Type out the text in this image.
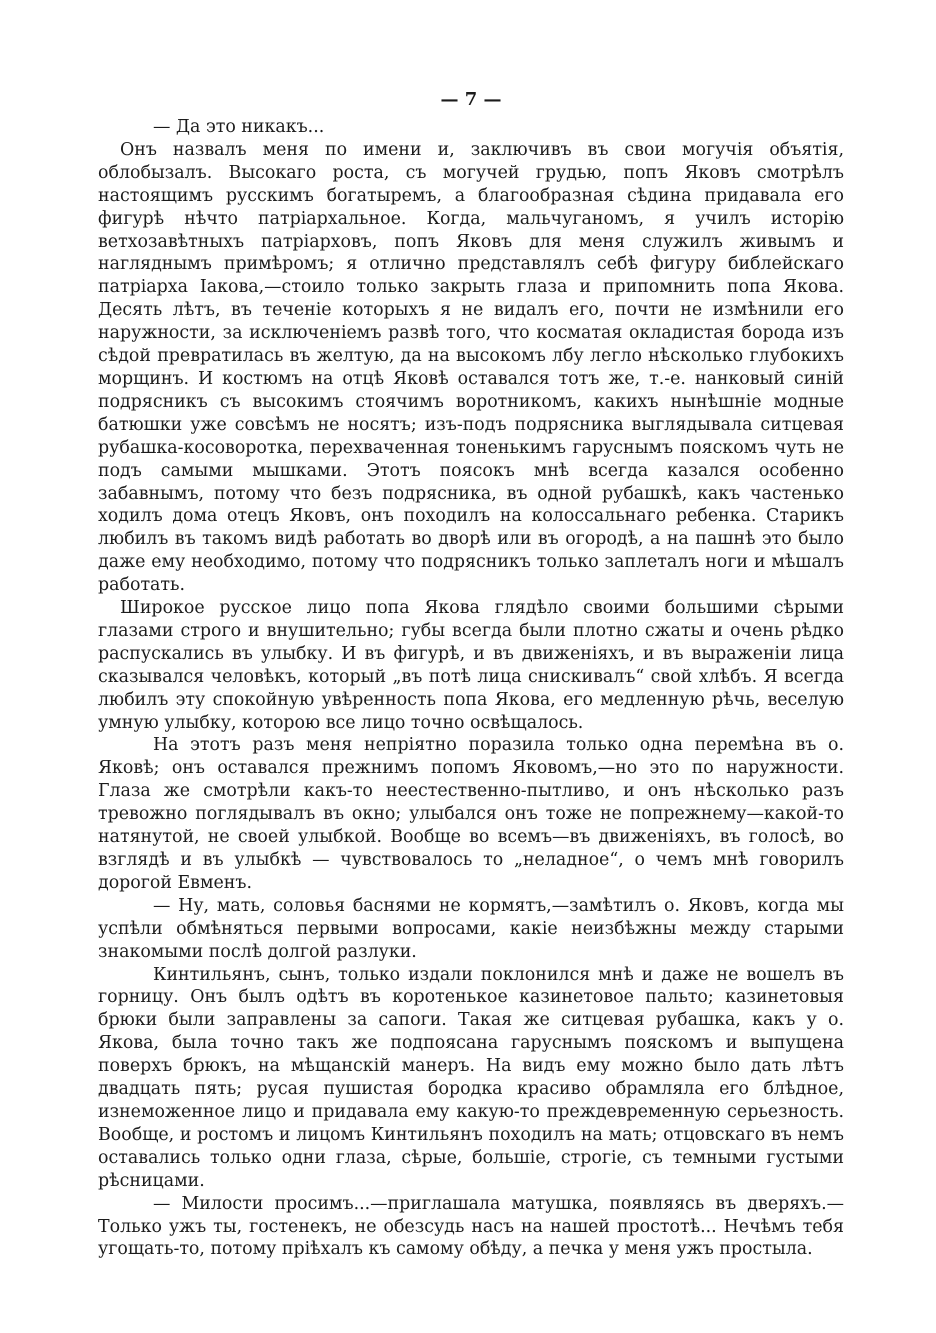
— 7 —

— Да это никакъ...

Онъ назвалъ меня по имени и, заключивъ въ свои могучія объятія, облобызалъ. Высокаго роста, съ могучей грудью, попъ Яковъ смотрѣлъ настоящимъ русскимъ богатыремъ, а благообразная сѣдина придавала его фигурѣ нѣчто патріархальное. Когда, мальчуганомъ, я училъ исторію ветхозавѣтныхъ патріарховъ, попъ Яковъ для меня служилъ живымъ и нагляднымъ примѣромъ; я отлично представлялъ себѣ фигуру библейскаго патріарха Іакова,—стоило только закрыть глаза и припомнить попа Якова. Десять лѣтъ, въ теченіе которыхъ я не видалъ его, почти не измѣнили его наружности, за исключеніемъ развѣ того, что косматая окладистая борода изъ сѣдой превратилась въ желтую, да на высокомъ лбу легло нѣсколько глубокихъ морщинъ. И костюмъ на отцѣ Яковѣ оставался тотъ же, т.-е. нанковый синій подрясникъ съ высокимъ стоячимъ воротникомъ, какихъ нынѣшніе модные батюшки уже совсѣмъ не носятъ; изъ-подъ подрясника выглядывала ситцевая рубашка-косоворотка, перехваченная тоненькимъ гаруснымъ пояскомъ чуть не подъ самыми мышками. Этотъ поясокъ мнѣ всегда казался особенно забавнымъ, потому что безъ подрясника, въ одной рубашкѣ, какъ частенько ходилъ дома отецъ Яковъ, онъ походилъ на колоссальнаго ребенка. Старикъ любилъ въ такомъ видѣ работать во дворѣ или въ огородѣ, а на пашнѣ это было даже ему необходимо, потому что подрясникъ только заплеталъ ноги и мѣшалъ работать.

Широкое русское лицо попа Якова глядѣло своими большими сѣрыми глазами строго и внушительно; губы всегда были плотно сжаты и очень рѣдко распускались въ улыбку. И въ фигурѣ, и въ движеніяхъ, и въ выраженіи лица сказывался человѣкъ, который „въ потѣ лица снискивалъ“ свой хлѣбъ. Я всегда любилъ эту спокойную увѣренность попа Якова, его медленную рѣчь, веселую умную улыбку, которою все лицо точно освѣщалось.

На этотъ разъ меня непріятно поразила только одна перемѣна въ о. Яковѣ; онъ оставался прежнимъ попомъ Яковомъ,—но это по наружности. Глаза же смотрѣли какъ-то неестественно-пытливо, и онъ нѣсколько разъ тревожно поглядывалъ въ окно; улыбался онъ тоже не попрежнему—какой-то натянутой, не своей улыбкой. Вообще во всемъ—въ движеніяхъ, въ голосѣ, во взглядѣ и въ улыбкѣ — чувствовалось то „неладное“, о чемъ мнѣ говорилъ дорогой Евменъ.

— Ну, мать, соловья баснями не кормятъ,—замѣтилъ о. Яковъ, когда мы успѣли обмѣняться первыми вопросами, какіе неизбѣжны между старыми знакомыми послѣ долгой разлуки.

Кинтильянъ, сынъ, только издали поклонился мнѣ и даже не вошелъ въ горницу. Онъ былъ одѣтъ въ коротенькое казинетовое пальто; казинетовыя брюки были заправлены за сапоги. Такая же ситцевая рубашка, какъ у о. Якова, была точно такъ же подпоясана гаруснымъ пояскомъ и выпущена поверхъ брюкъ, на мѣщанскій манеръ. На видъ ему можно было дать лѣтъ двадцать пять; русая пушистая бородка красиво обрамляла его блѣдное, изнеможенное лицо и придавала ему какую-то преждевременную серьезность. Вообще, и ростомъ и лицомъ Кинтильянъ походилъ на мать; отцовскаго въ немъ оставались только одни глаза, сѣрые, большіе, строгіе, съ темными густыми рѣсницами.

— Милости просимъ...—приглашала матушка, появляясь въ дверяхъ.— Только ужъ ты, гостенекъ, не обезсудь насъ на нашей простотѣ... Нечѣмъ тебя угощать-то, потому пріѣхалъ къ самому обѣду, а печка у меня ужъ простыла.
